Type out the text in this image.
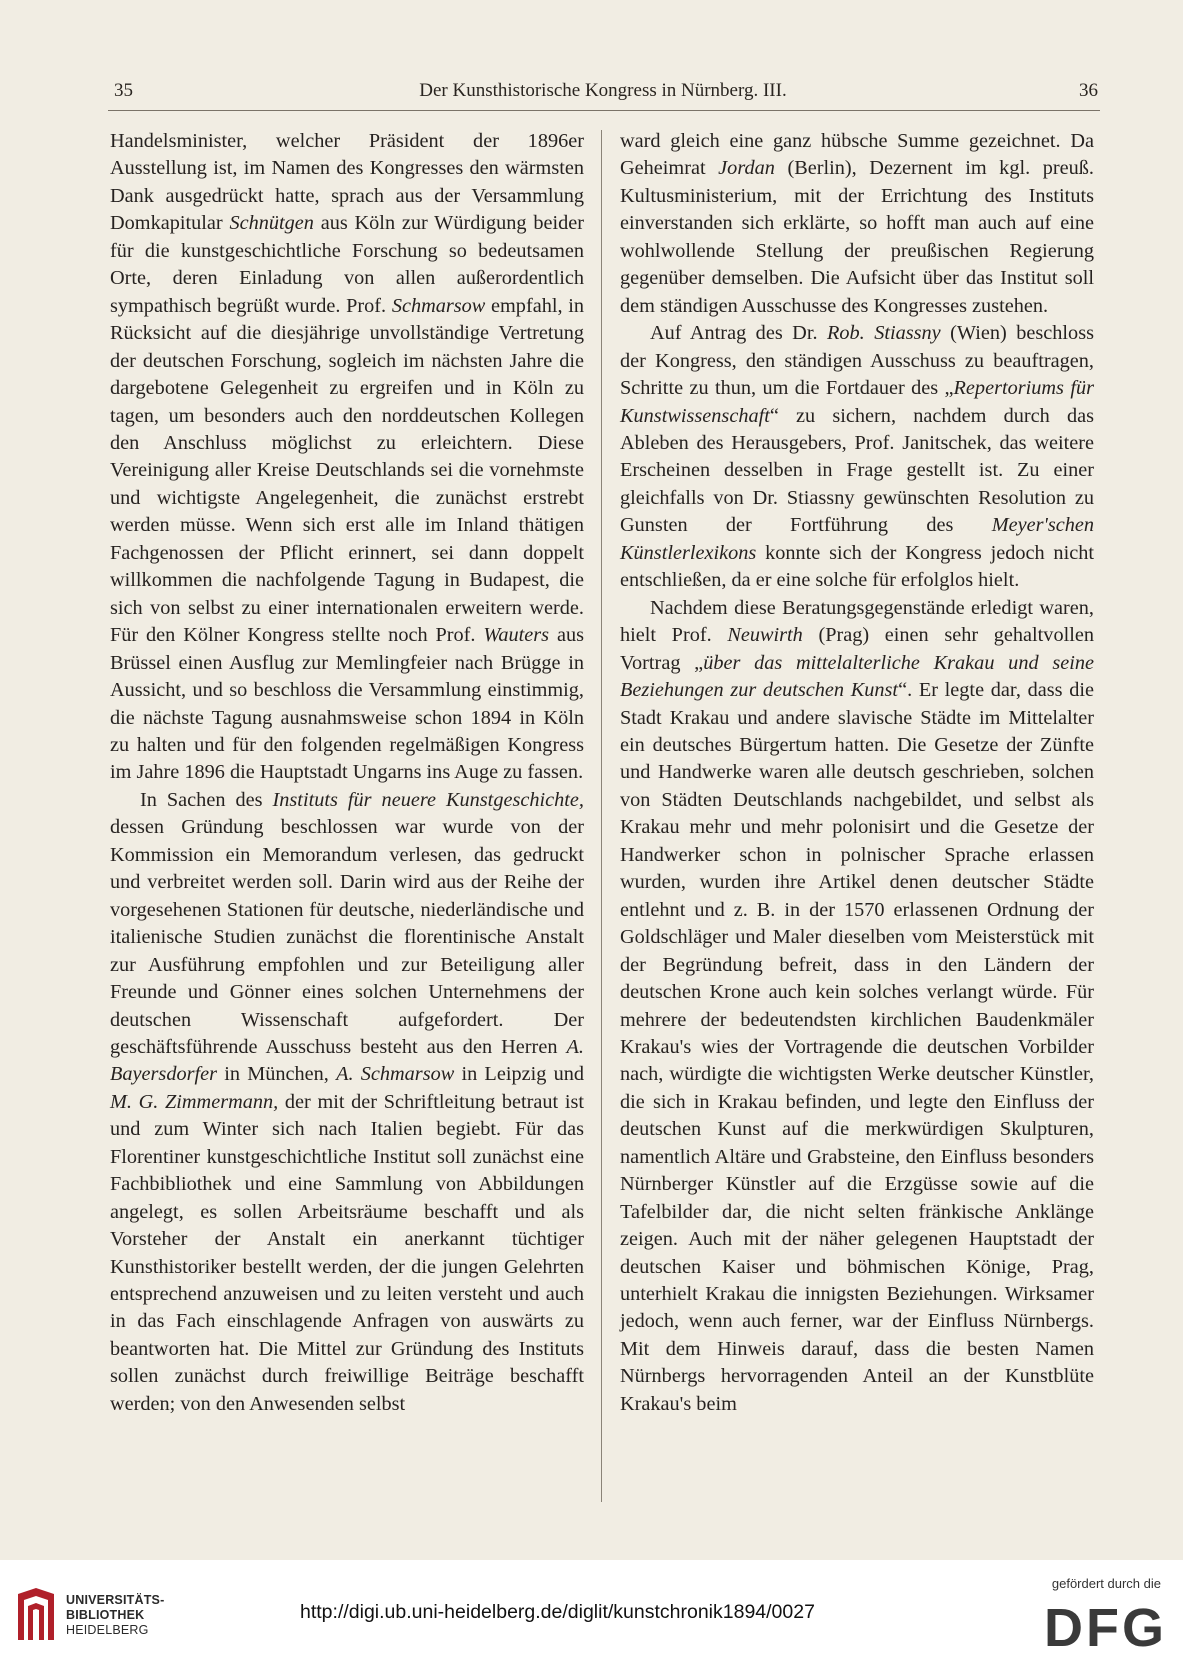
35	Der Kunsthistorische Kongress in Nürnberg. III.	36

Handelsminister, welcher Präsident der 1896er Ausstellung ist, im Namen des Kongresses den wärmsten Dank ausgedrückt hatte, sprach aus der Versammlung Domkapitular Schnütgen aus Köln zur Würdigung beider für die kunstgeschichtliche Forschung so bedeutsamen Orte, deren Einladung von allen außerordentlich sympathisch begrüßt wurde. Prof. Schmarsow empfahl, in Rücksicht auf die diesjährige unvollständige Vertretung der deutschen Forschung, sogleich im nächsten Jahre die dargebotene Gelegenheit zu ergreifen und in Köln zu tagen, um besonders auch den norddeutschen Kollegen den Anschluss möglichst zu erleichtern. Diese Vereinigung aller Kreise Deutschlands sei die vornehmste und wichtigste Angelegenheit, die zunächst erstrebt werden müsse. Wenn sich erst alle im Inland thätigen Fachgenossen der Pflicht erinnert, sei dann doppelt willkommen die nachfolgende Tagung in Budapest, die sich von selbst zu einer internationalen erweitern werde. Für den Kölner Kongress stellte noch Prof. Wauters aus Brüssel einen Ausflug zur Memlingfeier nach Brügge in Aussicht, und so beschloss die Versammlung einstimmig, die nächste Tagung ausnahmsweise schon 1894 in Köln zu halten und für den folgenden regelmäßigen Kongress im Jahre 1896 die Hauptstadt Ungarns ins Auge zu fassen.

In Sachen des Instituts für neuere Kunstgeschichte, dessen Gründung beschlossen war wurde von der Kommission ein Memorandum verlesen, das gedruckt und verbreitet werden soll. Darin wird aus der Reihe der vorgesehenen Stationen für deutsche, niederländische und italienische Studien zunächst die florentinische Anstalt zur Ausführung empfohlen und zur Beteiligung aller Freunde und Gönner eines solchen Unternehmens der deutschen Wissenschaft aufgefordert. Der geschäftsführende Ausschuss besteht aus den Herren A. Bayersdorfer in München, A. Schmarsow in Leipzig und M. G. Zimmermann, der mit der Schriftleitung betraut ist und zum Winter sich nach Italien begiebt. Für das Florentiner kunstgeschichtliche Institut soll zunächst eine Fachbibliothek und eine Sammlung von Abbildungen angelegt, es sollen Arbeitsräume beschafft und als Vorsteher der Anstalt ein anerkannt tüchtiger Kunsthistoriker bestellt werden, der die jungen Gelehrten entsprechend anzuweisen und zu leiten versteht und auch in das Fach einschlagende Anfragen von auswärts zu beantworten hat. Die Mittel zur Gründung des Instituts sollen zunächst durch freiwillige Beiträge beschafft werden; von den Anwesenden selbst

ward gleich eine ganz hübsche Summe gezeichnet. Da Geheimrat Jordan (Berlin), Dezernent im kgl. preuß. Kultusministerium, mit der Errichtung des Instituts einverstanden sich erklärte, so hofft man auch auf eine wohlwollende Stellung der preußischen Regierung gegenüber demselben. Die Aufsicht über das Institut soll dem ständigen Ausschusse des Kongresses zustehen.

Auf Antrag des Dr. Rob. Stiassny (Wien) beschloss der Kongress, den ständigen Ausschuss zu beauftragen, Schritte zu thun, um die Fortdauer des „Repertoriums für Kunstwissenschaft“ zu sichern, nachdem durch das Ableben des Herausgebers, Prof. Janitschek, das weitere Erscheinen desselben in Frage gestellt ist. Zu einer gleichfalls von Dr. Stiassny gewünschten Resolution zu Gunsten der Fortführung des Meyer'schen Künstlerlexikons konnte sich der Kongress jedoch nicht entschließen, da er eine solche für erfolglos hielt.

Nachdem diese Beratungsgegenstände erledigt waren, hielt Prof. Neuwirth (Prag) einen sehr gehaltvollen Vortrag „über das mittelalterliche Krakau und seine Beziehungen zur deutschen Kunst“. Er legte dar, dass die Stadt Krakau und andere slavische Städte im Mittelalter ein deutsches Bürgertum hatten. Die Gesetze der Zünfte und Handwerke waren alle deutsch geschrieben, solchen von Städten Deutschlands nachgebildet, und selbst als Krakau mehr und mehr polonisirt und die Gesetze der Handwerker schon in polnischer Sprache erlassen wurden, wurden ihre Artikel denen deutscher Städte entlehnt und z. B. in der 1570 erlassenen Ordnung der Goldschläger und Maler dieselben vom Meisterstück mit der Begründung befreit, dass in den Ländern der deutschen Krone auch kein solches verlangt würde. Für mehrere der bedeutendsten kirchlichen Baudenkmäler Krakau's wies der Vortragende die deutschen Vorbilder nach, würdigte die wichtigsten Werke deutscher Künstler, die sich in Krakau befinden, und legte den Einfluss der deutschen Kunst auf die merkwürdigen Skulpturen, namentlich Altäre und Grabsteine, den Einfluss besonders Nürnberger Künstler auf die Erzgüsse sowie auf die Tafelbilder dar, die nicht selten fränkische Anklänge zeigen. Auch mit der näher gelegenen Hauptstadt der deutschen Kaiser und böhmischen Könige, Prag, unterhielt Krakau die innigsten Beziehungen. Wirksamer jedoch, wenn auch ferner, war der Einfluss Nürnbergs. Mit dem Hinweis darauf, dass die besten Namen Nürnbergs hervorragenden Anteil an der Kunstblüte Krakau's beim

UNIVERSITÄTS-
BIBLIOTHEK
HEIDELBERG
http://digi.ub.uni-heidelberg.de/diglit/kunstchronik1894/0027
gefördert durch die
DFG
